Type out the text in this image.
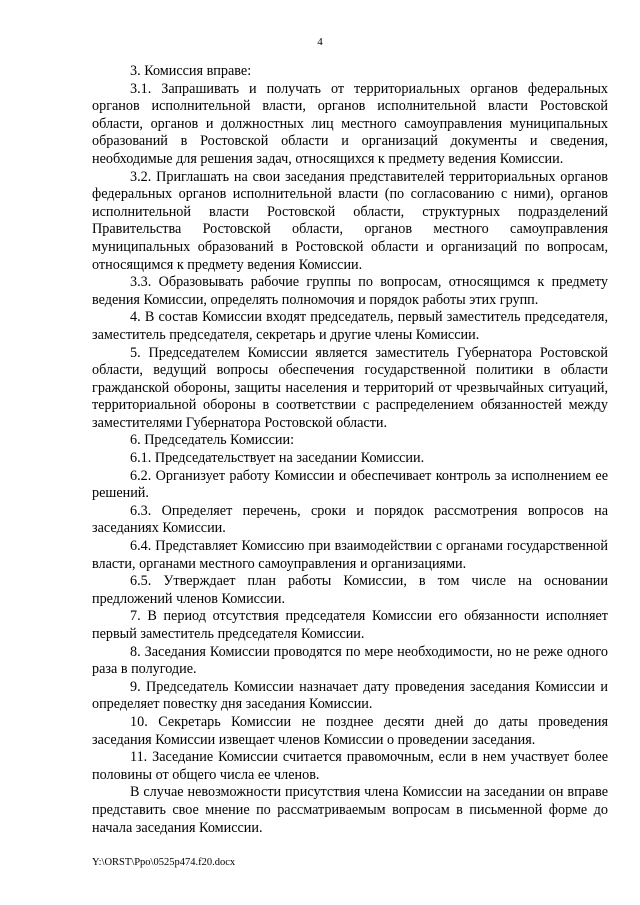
4

3. Комиссия вправе:

3.1. Запрашивать и получать от территориальных органов федеральных органов исполнительной власти, органов исполнительной власти Ростовской области, органов и должностных лиц местного самоуправления муниципальных образований в Ростовской области и организаций документы и сведения, необходимые для решения задач, относящихся к предмету ведения Комиссии.

3.2. Приглашать на свои заседания представителей территориальных органов федеральных органов исполнительной власти (по согласованию с ними), органов исполнительной власти Ростовской области, структурных подразделений Правительства Ростовской области, органов местного самоуправления муниципальных образований в Ростовской области и организаций по вопросам, относящимся к предмету ведения Комиссии.

3.3. Образовывать рабочие группы по вопросам, относящимся к предмету ведения Комиссии, определять полномочия и порядок работы этих групп.

4. В состав Комиссии входят председатель, первый заместитель председателя, заместитель председателя, секретарь и другие члены Комиссии.

5. Председателем Комиссии является заместитель Губернатора Ростовской области, ведущий вопросы обеспечения государственной политики в области гражданской обороны, защиты населения и территорий от чрезвычайных ситуаций, территориальной обороны в соответствии с распределением обязанностей между заместителями Губернатора Ростовской области.

6. Председатель Комиссии:

6.1. Председательствует на заседании Комиссии.

6.2. Организует работу Комиссии и обеспечивает контроль за исполнением ее решений.

6.3. Определяет перечень, сроки и порядок рассмотрения вопросов на заседаниях Комиссии.

6.4. Представляет Комиссию при взаимодействии с органами государственной власти, органами местного самоуправления и организациями.

6.5. Утверждает план работы Комиссии, в том числе на основании предложений членов Комиссии.

7. В период отсутствия председателя Комиссии его обязанности исполняет первый заместитель председателя Комиссии.

8. Заседания Комиссии проводятся по мере необходимости, но не реже одного раза в полугодие.

9. Председатель Комиссии назначает дату проведения заседания Комиссии и определяет повестку дня заседания Комиссии.

10. Секретарь Комиссии не позднее десяти дней до даты проведения заседания Комиссии извещает членов Комиссии о проведении заседания.

11. Заседание Комиссии считается правомочным, если в нем участвует более половины от общего числа ее членов.

В случае невозможности присутствия члена Комиссии на заседании он вправе представить свое мнение по рассматриваемым вопросам в письменной форме до начала заседания Комиссии.

Y:\ORST\Ppo\0525p474.f20.docx
